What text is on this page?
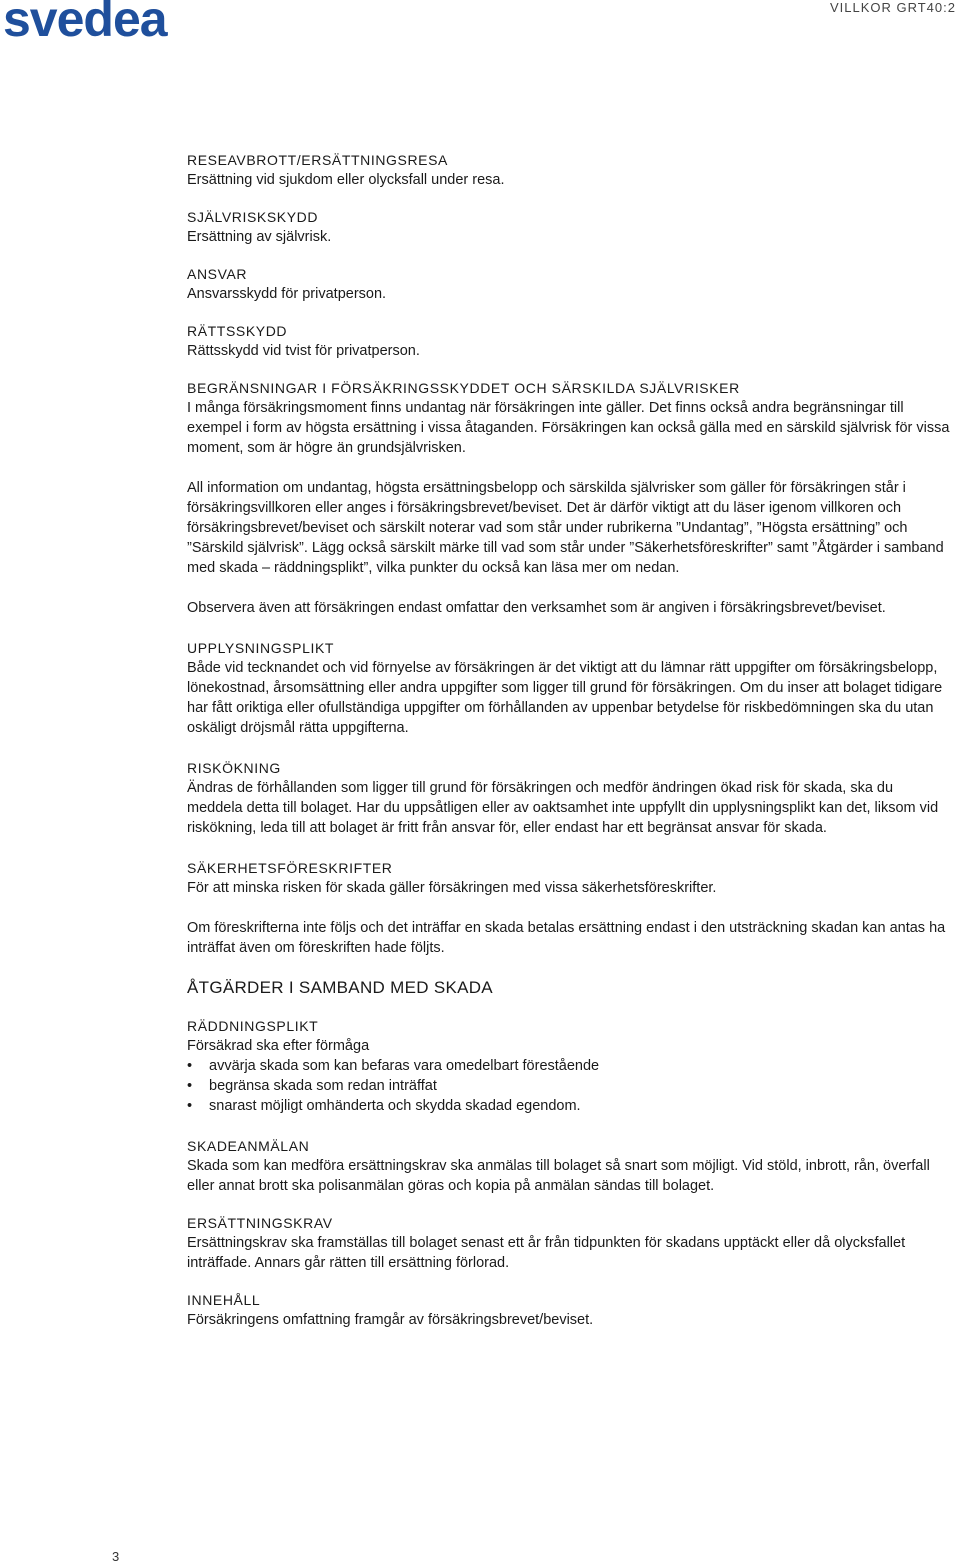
svedea	VILLKOR GRT40:2
RESEAVBROTT/ERSÄTTNINGSRESA

Ersättning vid sjukdom eller olycksfall under resa.

SJÄLVRISKSKYDD

Ersättning av självrisk.

ANSVAR

Ansvarsskydd för privatperson.

RÄTTSSKYDD

Rättsskydd vid tvist för privatperson.

BEGRÄNSNINGAR I FÖRSÄKRINGSSKYDDET OCH SÄRSKILDA SJÄLVRISKER

I många försäkringsmoment finns undantag när försäkringen inte gäller. Det finns också andra begränsningar till exempel i form av högsta ersättning i vissa åtaganden. Försäkringen kan också gälla med en särskild självrisk för vissa moment, som är högre än grundsjälvrisken.

All information om undantag, högsta ersättningsbelopp och särskilda självrisker som gäller för försäkringen står i försäkringsvillkoren eller anges i försäkringsbrevet/beviset. Det är därför viktigt att du läser igenom villkoren och försäkringsbrevet/beviset och särskilt noterar vad som står under rubrikerna ”Undantag”, ”Högsta ersättning” och ”Särskild självrisk”. Lägg också särskilt märke till vad som står under ”Säkerhetsföreskrifter” samt ”Åtgärder i samband med skada – räddningsplikt”, vilka punkter du också kan läsa mer om nedan.

Observera även att försäkringen endast omfattar den verksamhet som är angiven i försäkringsbrevet/beviset.

UPPLYSNINGSPLIKT

Både vid tecknandet och vid förnyelse av försäkringen är det viktigt att du lämnar rätt uppgifter om försäkringsbelopp, lönekostnad, årsomsättning eller andra uppgifter som ligger till grund för försäkringen. Om du inser att bolaget tidigare har fått oriktiga eller ofullständiga uppgifter om förhållanden av uppenbar betydelse för riskbedömningen ska du utan oskäligt dröjsmål rätta uppgifterna.

RISKÖKNING

Ändras de förhållanden som ligger till grund för försäkringen och medför ändringen ökad risk för skada, ska du meddela detta till bolaget. Har du uppsåtligen eller av oaktsamhet inte uppfyllt din upplysningsplikt kan det, liksom vid riskökning, leda till att bolaget är fritt från ansvar för, eller endast har ett begränsat ansvar för skada.

SÄKERHETSFÖRESKRIFTER

För att minska risken för skada gäller försäkringen med vissa säkerhetsföreskrifter.

Om föreskrifterna inte följs och det inträffar en skada betalas ersättning endast i den utsträckning skadan kan antas ha inträffat även om föreskriften hade följts.

ÅTGÄRDER I SAMBAND MED SKADA
RÄDDNINGSPLIKT

Försäkrad ska efter förmåga

• avvärja skada som kan befaras vara omedelbart förestående
• begränsa skada som redan inträffat
• snarast möjligt omhänderta och skydda skadad egendom.
SKADEANMÄLAN

Skada som kan medföra ersättningskrav ska anmälas till bolaget så snart som möjligt. Vid stöld, inbrott, rån, överfall eller annat brott ska polisanmälan göras och kopia på anmälan sändas till bolaget.

ERSÄTTNINGSKRAV

Ersättningskrav ska framställas till bolaget senast ett år från tidpunkten för skadans upptäckt eller då olycksfallet inträffade. Annars går rätten till ersättning förlorad.

INNEHÅLL

Försäkringens omfattning framgår av försäkringsbrevet/beviset.

3
